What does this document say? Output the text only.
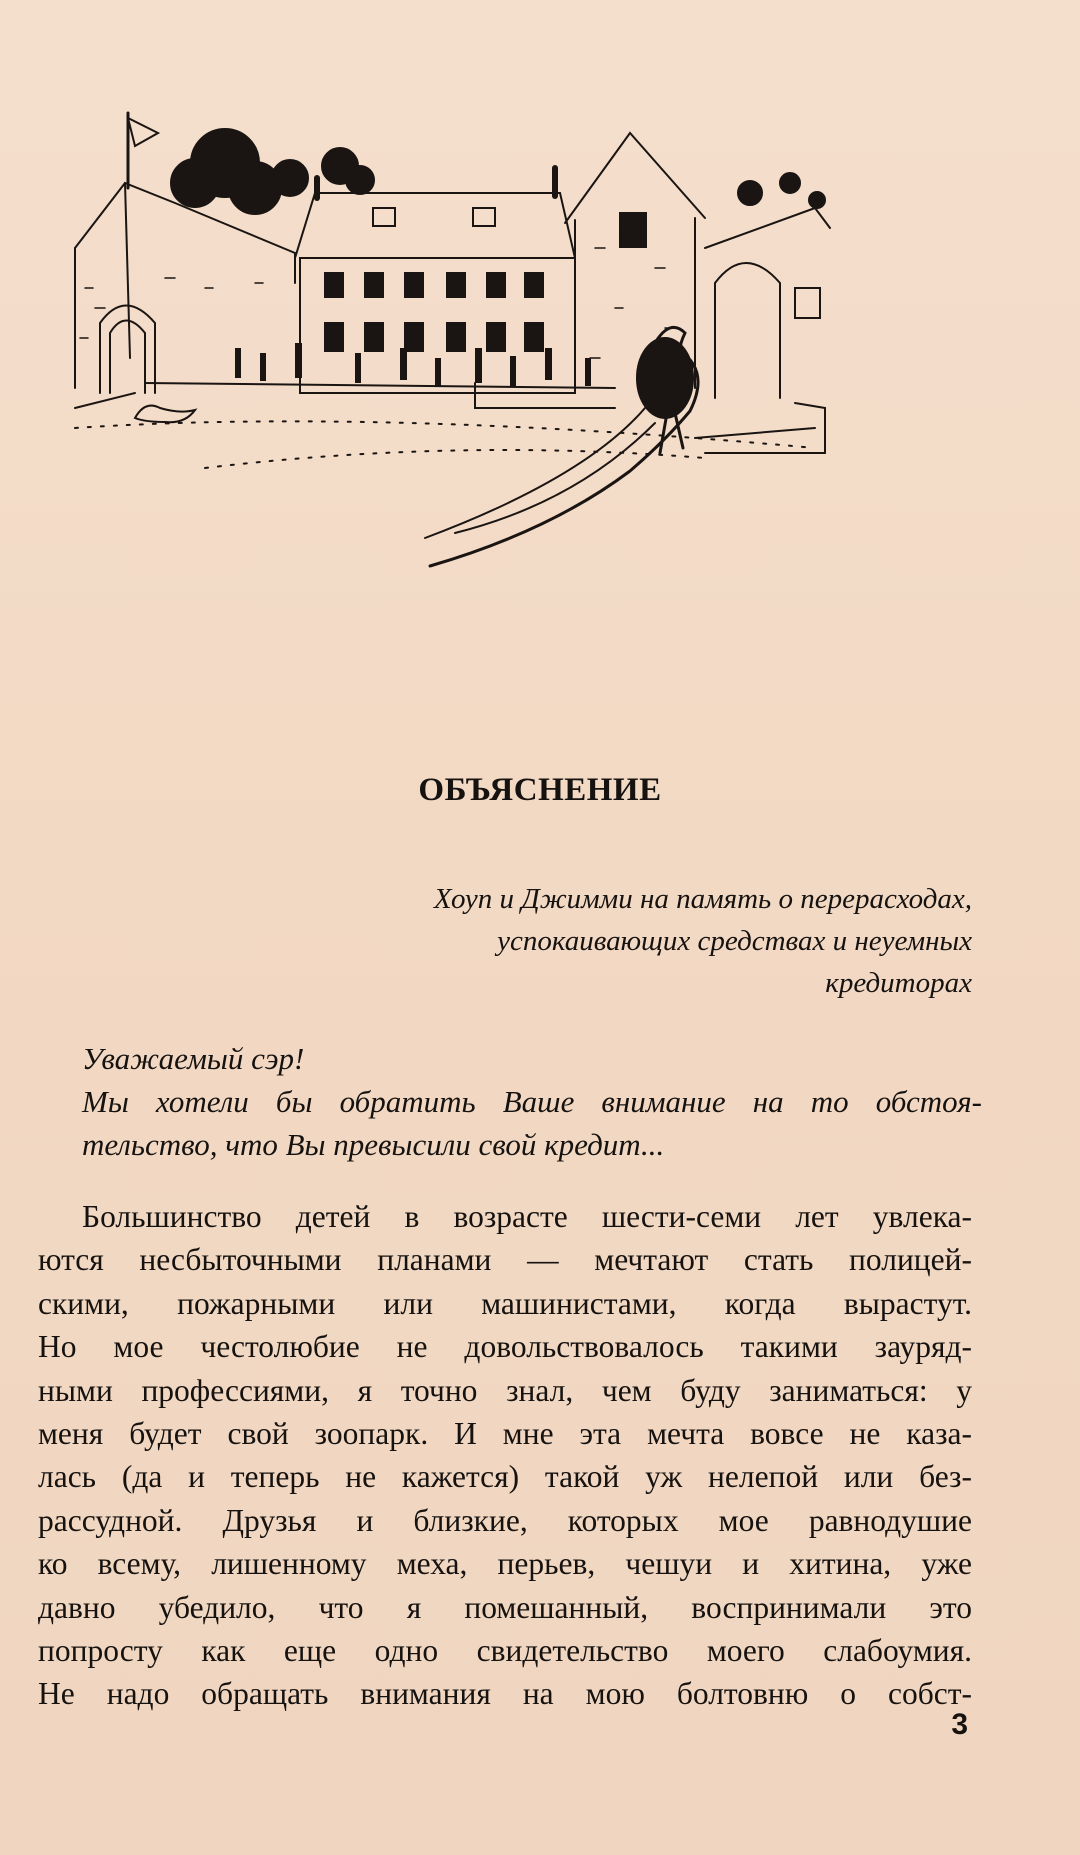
ОБЪЯСНЕНИЕ
Хоуп и Джимми на память о перерасходах,
успокаивающих средствах и неуемных
кредиторах
Уважаемый сэр!
Мы хотели бы обратить Ваше внимание на то обстоя-
тельство, что Вы превысили свой кредит...
Большинство детей в возрасте шести-семи лет увлека-
ются несбыточными планами — мечтают стать полицей-
скими, пожарными или машинистами, когда вырастут.
Но мое честолюбие не довольствовалось такими зауряд-
ными профессиями, я точно знал, чем буду заниматься: у
меня будет свой зоопарк. И мне эта мечта вовсе не каза-
лась (да и теперь не кажется) такой уж нелепой или без-
рассудной. Друзья и близкие, которых мое равнодушие
ко всему, лишенному меха, перьев, чешуи и хитина, уже
давно убедило, что я помешанный, воспринимали это
попросту как еще одно свидетельство моего слабоумия.
Не надо обращать внимания на мою болтовню о собст-
3
